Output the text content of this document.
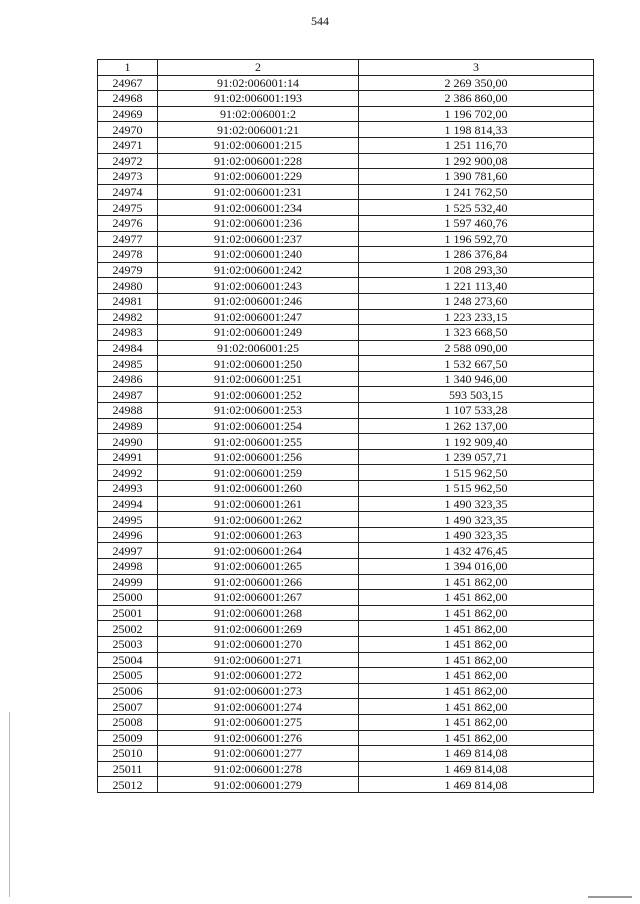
544
1	2	3
24967	91:02:006001:14	2 269 350,00
24968	91:02:006001:193	2 386 860,00
24969	91:02:006001:2	1 196 702,00
24970	91:02:006001:21	1 198 814,33
24971	91:02:006001:215	1 251 116,70
24972	91:02:006001:228	1 292 900,08
24973	91:02:006001:229	1 390 781,60
24974	91:02:006001:231	1 241 762,50
24975	91:02:006001:234	1 525 532,40
24976	91:02:006001:236	1 597 460,76
24977	91:02:006001:237	1 196 592,70
24978	91:02:006001:240	1 286 376,84
24979	91:02:006001:242	1 208 293,30
24980	91:02:006001:243	1 221 113,40
24981	91:02:006001:246	1 248 273,60
24982	91:02:006001:247	1 223 233,15
24983	91:02:006001:249	1 323 668,50
24984	91:02:006001:25	2 588 090,00
24985	91:02:006001:250	1 532 667,50
24986	91:02:006001:251	1 340 946,00
24987	91:02:006001:252	593 503,15
24988	91:02:006001:253	1 107 533,28
24989	91:02:006001:254	1 262 137,00
24990	91:02:006001:255	1 192 909,40
24991	91:02:006001:256	1 239 057,71
24992	91:02:006001:259	1 515 962,50
24993	91:02:006001:260	1 515 962,50
24994	91:02:006001:261	1 490 323,35
24995	91:02:006001:262	1 490 323,35
24996	91:02:006001:263	1 490 323,35
24997	91:02:006001:264	1 432 476,45
24998	91:02:006001:265	1 394 016,00
24999	91:02:006001:266	1 451 862,00
25000	91:02:006001:267	1 451 862,00
25001	91:02:006001:268	1 451 862,00
25002	91:02:006001:269	1 451 862,00
25003	91:02:006001:270	1 451 862,00
25004	91:02:006001:271	1 451 862,00
25005	91:02:006001:272	1 451 862,00
25006	91:02:006001:273	1 451 862,00
25007	91:02:006001:274	1 451 862,00
25008	91:02:006001:275	1 451 862,00
25009	91:02:006001:276	1 451 862,00
25010	91:02:006001:277	1 469 814,08
25011	91:02:006001:278	1 469 814,08
25012	91:02:006001:279	1 469 814,08
